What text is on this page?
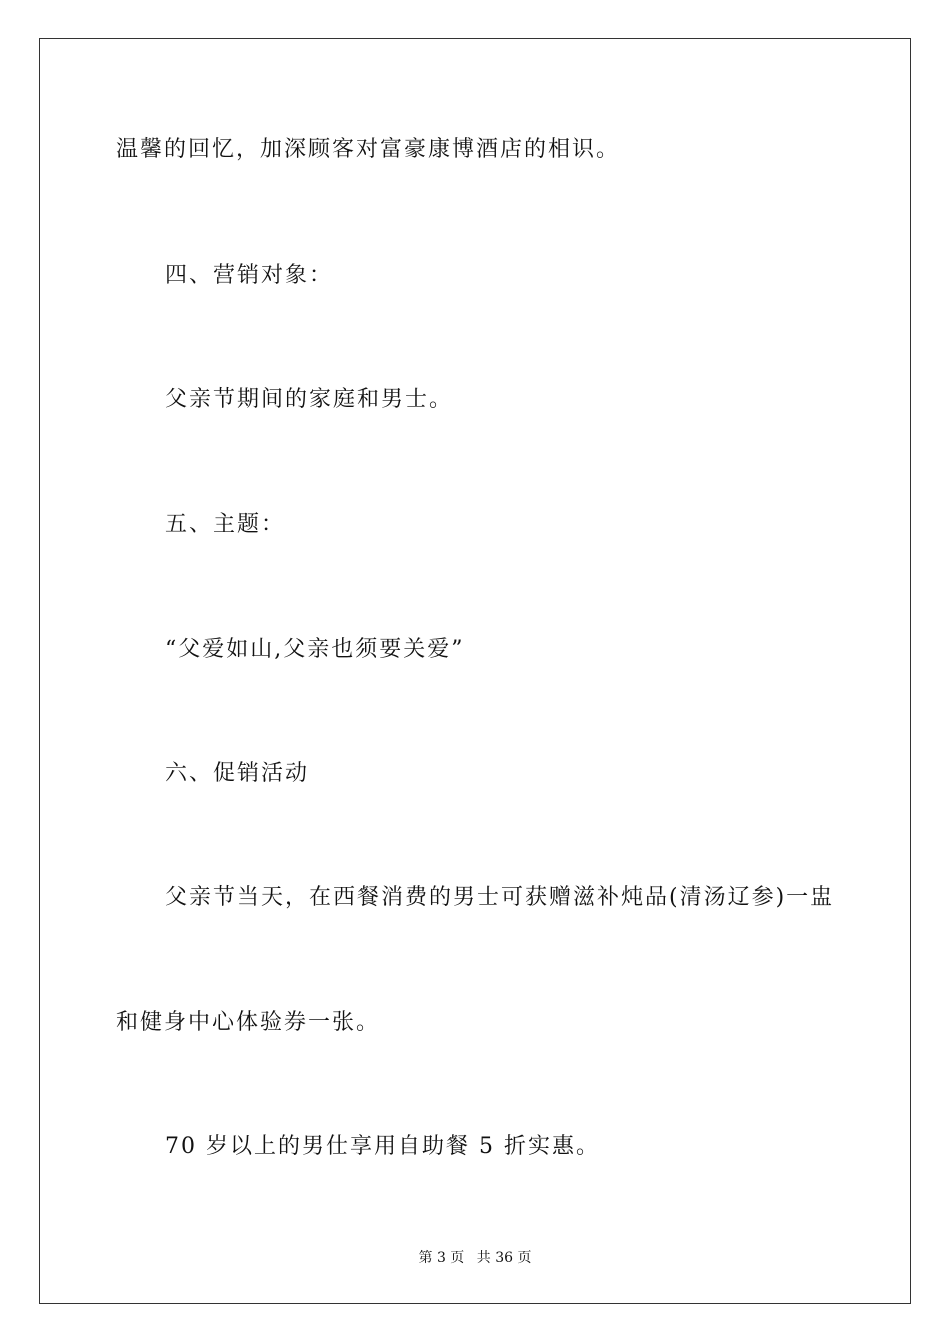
温馨的回忆，加深顾客对富豪康博酒店的相识。
四、营销对象：
父亲节期间的家庭和男士。
五、主题：
“父爱如山,父亲也须要关爱”
六、促销活动
父亲节当天，在西餐消费的男士可获赠滋补炖品(清汤辽参)一盅
和健身中心体验券一张。
70 岁以上的男仕享用自助餐 5 折实惠。
第 3 页 共 36 页
